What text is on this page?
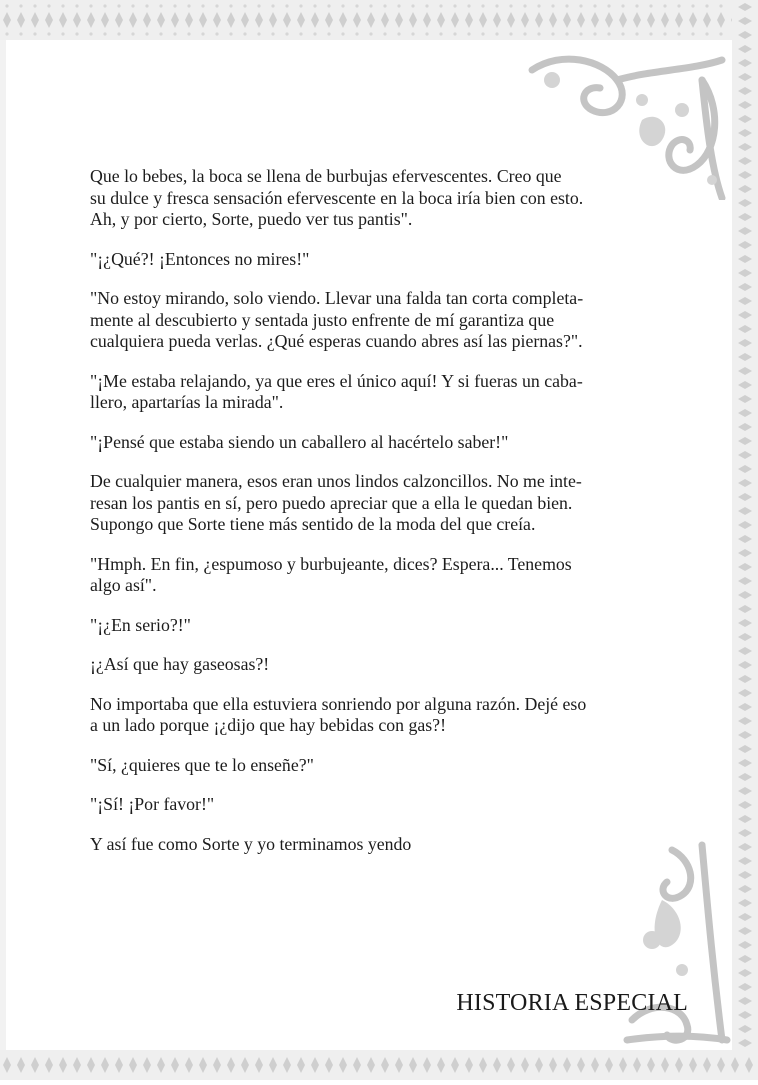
Que lo bebes, la boca se llena de burbujas efervescentes. Creo que
su dulce y fresca sensación efervescente en la boca iría bien con esto.
Ah, y por cierto, Sorte, puedo ver tus pantis".

"¡¿Qué?! ¡Entonces no mires!"

"No estoy mirando, solo viendo. Llevar una falda tan corta completa-
mente al descubierto y sentada justo enfrente de mí garantiza que
cualquiera pueda verlas. ¿Qué esperas cuando abres así las piernas?".

"¡Me estaba relajando, ya que eres el único aquí! Y si fueras un caba-
llero, apartarías la mirada".

"¡Pensé que estaba siendo un caballero al hacértelo saber!"

De cualquier manera, esos eran unos lindos calzoncillos. No me inte-
resan los pantis en sí, pero puedo apreciar que a ella le quedan bien.
Supongo que Sorte tiene más sentido de la moda del que creía.

"Hmph. En fin, ¿espumoso y burbujeante, dices? Espera... Tenemos
algo así".

"¡¿En serio?!"

¡¿Así que hay gaseosas?!

No importaba que ella estuviera sonriendo por alguna razón. Dejé eso
a un lado porque ¡¿dijo que hay bebidas con gas?!

"Sí, ¿quieres que te lo enseñe?"

"¡Sí! ¡Por favor!"

Y así fue como Sorte y yo terminamos yendo

HISTORIA ESPECIAL
